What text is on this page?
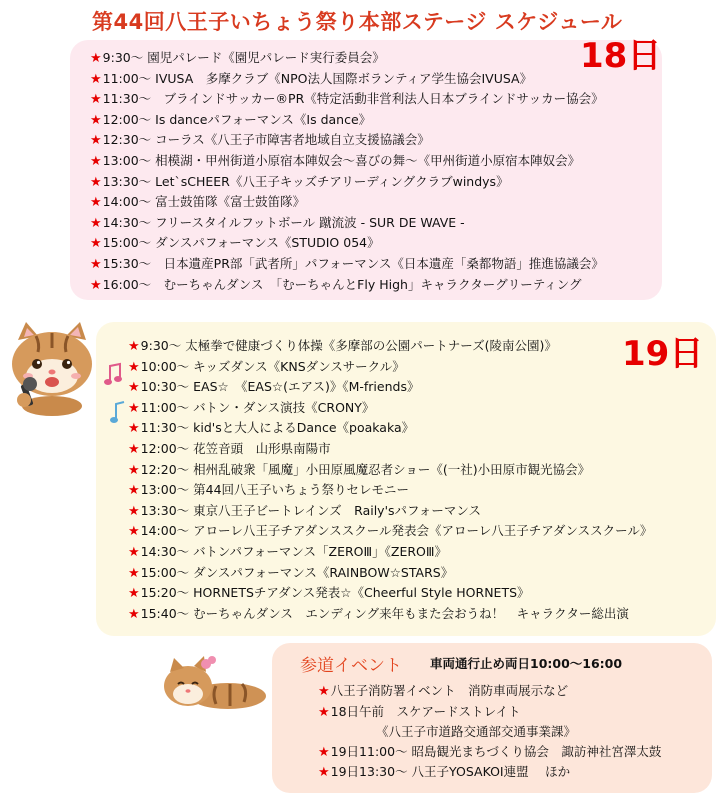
第44回八王子いちょう祭り本部ステージ スケジュール
18日
19日
★9:30～ 園児パレード《園児パレード実行委員会》
★11:00～ IVUSA　多摩クラブ《NPO法人国際ボランティア学生協会IVUSA》
★11:30～　ブラインドサッカー®PR《特定活動非営利法人日本ブラインドサッカー協会》
★12:00～ Is danceパフォーマンス《Is dance》
★12:30～ コーラス《八王子市障害者地域自立支援協議会》
★13:00～ 相模湖・甲州街道小原宿本陣奴会～喜びの舞～《甲州街道小原宿本陣奴会》
★13:30～ Let`sCHEER《八王子キッズチアリーディングクラブwindys》
★14:00～ 富士鼓笛隊《富士鼓笛隊》
★14:30～ フリースタイルフットボール 蹴流波 - SUR DE WAVE -
★15:00～ ダンスパフォーマンス《STUDIO 054》
★15:30～　日本遺産PR部「武者所」パフォーマンス《日本遺産「桑都物語」推進協議会》
★16:00～　むーちゃんダンス　「むーちゃんとFly High」キャラクターグリーティング
★9:30～ 太極拳で健康づくり体操《多摩部の公園パートナーズ(陵南公園)》
★10:00～ キッズダンス《KNSダンスサークル》
★10:30～ EAS☆　《EAS☆(エアス)》《M-friends》
★11:00～ バトン・ダンス演技《CRONY》
★11:30～ kid'sと大人によるDance《poakaka》
★12:00～ 花笠音頭　山形県南陽市
★12:20～ 相州乱破衆「風魔」小田原風魔忍者ショー《(一社)小田原市観光協会》
★13:00～ 第44回八王子いちょう祭りセレモニー
★13:30～ 東京八王子ビートレインズ　Raily'sパフォーマンス
★14:00～ アローレ八王子チアダンススクール発表会《アローレ八王子チアダンススクール》
★14:30～ バトンパフォーマンス「ZEROⅢ」《ZEROⅢ》
★15:00～ ダンスパフォーマンス《RAINBOW☆STARS》
★15:20～ HORNETSチアダンス発表☆《Cheerful Style HORNETS》
★15:40～ むーちゃんダンス　エンディング来年もまた会おうね！　キャラクター総出演
参道イベント 車両通行止め両日10:00～16:00
★八王子消防署イベント　消防車両展示など
★18日午前　スケアードストレイト
《八王子市道路交通部交通事業課》
★19日11:00～ 昭島観光まちづくり協会　諏訪神社宮澤太鼓
★19日13:30～ 八王子YOSAKOI連盟　 ほか
